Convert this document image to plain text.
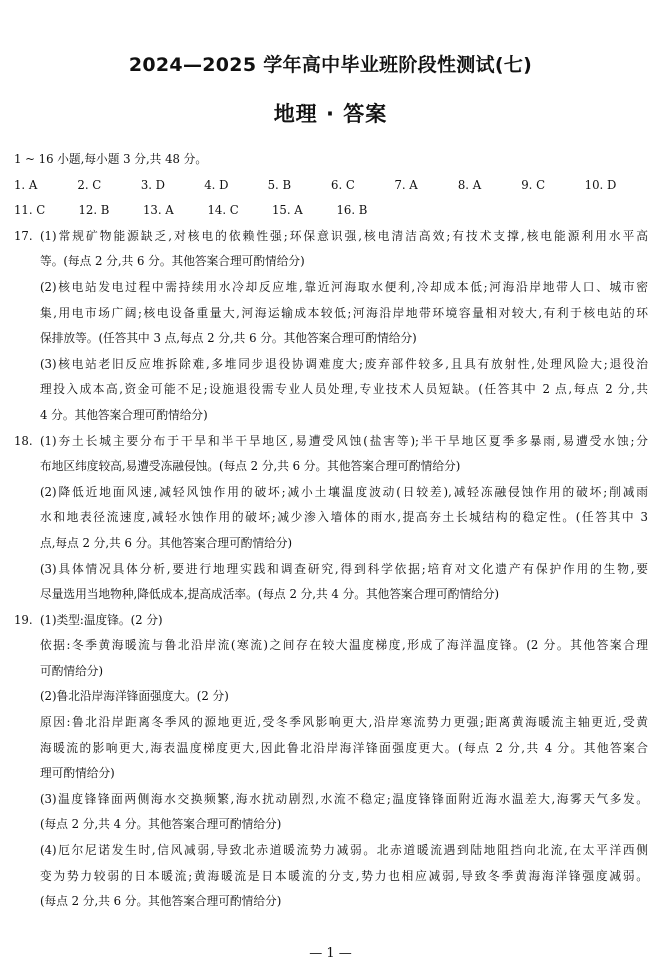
2024—2025 学年高中毕业班阶段性测试(七)
地理 · 答案
1 ~ 16 小题,每小题 3 分,共 48 分。
1. A	2. C	3. D	4. D	5. B	6. C	7. A	8. A	9. C	10. D
11. C	12. B	13. A	14. C	15. A	16. B
17. (1)常规矿物能源缺乏,对核电的依赖性强;环保意识强,核电清洁高效;有技术支撑,核电能源利用水平高
等。(每点 2 分,共 6 分。其他答案合理可酌情给分)
(2)核电站发电过程中需持续用水冷却反应堆,靠近河海取水便利,冷却成本低;河海沿岸地带人口、城市密
集,用电市场广阔;核电设备重量大,河海运输成本较低;河海沿岸地带环境容量相对较大,有利于核电站的环
保排放等。(任答其中 3 点,每点 2 分,共 6 分。其他答案合理可酌情给分)
(3)核电站老旧反应堆拆除难,多堆同步退役协调难度大;废弃部件较多,且具有放射性,处理风险大;退役治
理投入成本高,资金可能不足;设施退役需专业人员处理,专业技术人员短缺。(任答其中 2 点,每点 2 分,共
4 分。其他答案合理可酌情给分)
18. (1)夯土长城主要分布于干旱和半干旱地区,易遭受风蚀(盐害等);半干旱地区夏季多暴雨,易遭受水蚀;分
布地区纬度较高,易遭受冻融侵蚀。(每点 2 分,共 6 分。其他答案合理可酌情给分)
(2)降低近地面风速,减轻风蚀作用的破坏;减小土壤温度波动(日较差),减轻冻融侵蚀作用的破坏;削减雨
水和地表径流速度,减轻水蚀作用的破坏;减少渗入墙体的雨水,提高夯土长城结构的稳定性。(任答其中 3
点,每点 2 分,共 6 分。其他答案合理可酌情给分)
(3)具体情况具体分析,要进行地理实践和调查研究,得到科学依据;培育对文化遗产有保护作用的生物,要
尽量选用当地物种,降低成本,提高成活率。(每点 2 分,共 4 分。其他答案合理可酌情给分)
19. (1)类型:温度锋。(2 分)
依据:冬季黄海暖流与鲁北沿岸流(寒流)之间存在较大温度梯度,形成了海洋温度锋。(2 分。其他答案合理
可酌情给分)
(2)鲁北沿岸海洋锋面强度大。(2 分)
原因:鲁北沿岸距离冬季风的源地更近,受冬季风影响更大,沿岸寒流势力更强;距离黄海暖流主轴更近,受黄
海暖流的影响更大,海表温度梯度更大,因此鲁北沿岸海洋锋面强度更大。(每点 2 分,共 4 分。其他答案合
理可酌情给分)
(3)温度锋锋面两侧海水交换频繁,海水扰动剧烈,水流不稳定;温度锋锋面附近海水温差大,海雾天气多发。
(每点 2 分,共 4 分。其他答案合理可酌情给分)
(4)厄尔尼诺发生时,信风减弱,导致北赤道暖流势力减弱。北赤道暖流遇到陆地阻挡向北流,在太平洋西侧
变为势力较弱的日本暖流;黄海暖流是日本暖流的分支,势力也相应减弱,导致冬季黄海海洋锋强度减弱。
(每点 2 分,共 6 分。其他答案合理可酌情给分)
— 1 —
